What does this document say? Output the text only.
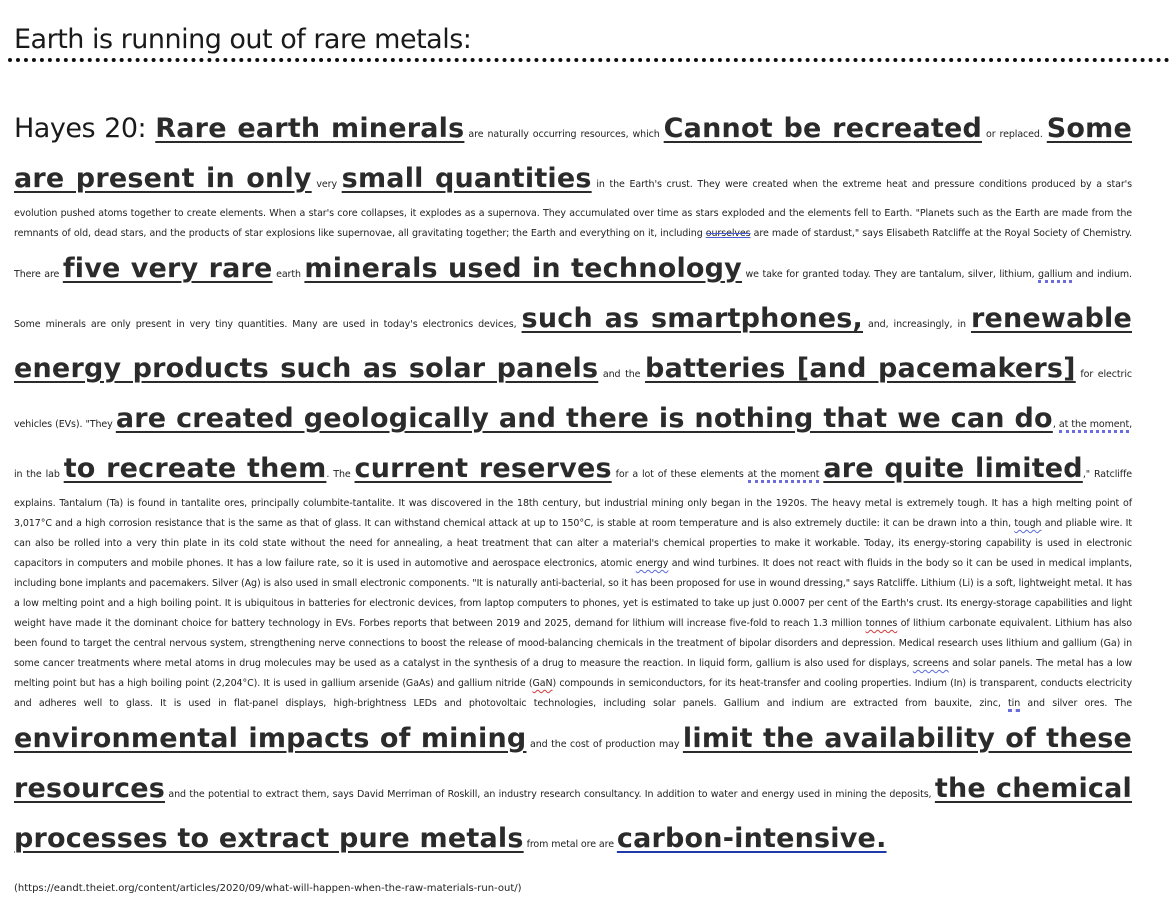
Earth is running out of rare metals:
Hayes 20: Rare earth minerals are naturally occurring resources, which Cannot be recreated or replaced. Some are present in only very small quantities in the Earth's crust. They were created when the extreme heat and pressure conditions produced by a star's evolution pushed atoms together to create elements. When a star's core collapses, it explodes as a supernova. They accumulated over time as stars exploded and the elements fell to Earth. "Planets such as the Earth are made from the remnants of old, dead stars, and the products of star explosions like supernovae, all gravitating together; the Earth and everything on it, including ourselves are made of stardust," says Elisabeth Ratcliffe at the Royal Society of Chemistry. There are five very rare earth minerals used in technology we take for granted today. They are tantalum, silver, lithium, gallium and indium. Some minerals are only present in very tiny quantities. Many are used in today's electronics devices, such as smartphones, and, increasingly, in renewable energy products such as solar panels and the batteries [and pacemakers] for electric vehicles (EVs). "They are created geologically and there is nothing that we can do, at the moment, in the lab to recreate them. The current reserves for a lot of these elements at the moment are quite limited," Ratcliffe explains. Tantalum (Ta) is found in tantalite ores, principally columbite-tantalite. It was discovered in the 18th century, but industrial mining only began in the 1920s. The heavy metal is extremely tough. It has a high melting point of 3,017°C and a high corrosion resistance that is the same as that of glass. It can withstand chemical attack at up to 150°C, is stable at room temperature and is also extremely ductile: it can be drawn into a thin, tough and pliable wire. It can also be rolled into a very thin plate in its cold state without the need for annealing, a heat treatment that can alter a material's chemical properties to make it workable. Today, its energy-storing capability is used in electronic capacitors in computers and mobile phones. It has a low failure rate, so it is used in automotive and aerospace electronics, atomic energy and wind turbines. It does not react with fluids in the body so it can be used in medical implants, including bone implants and pacemakers. Silver (Ag) is also used in small electronic components. "It is naturally anti-bacterial, so it has been proposed for use in wound dressing," says Ratcliffe. Lithium (Li) is a soft, lightweight metal. It has a low melting point and a high boiling point. It is ubiquitous in batteries for electronic devices, from laptop computers to phones, yet is estimated to take up just 0.0007 per cent of the Earth's crust. Its energy-storage capabilities and light weight have made it the dominant choice for battery technology in EVs. Forbes reports that between 2019 and 2025, demand for lithium will increase five-fold to reach 1.3 million tonnes of lithium carbonate equivalent. Lithium has also been found to target the central nervous system, strengthening nerve connections to boost the release of mood-balancing chemicals in the treatment of bipolar disorders and depression. Medical research uses lithium and gallium (Ga) in some cancer treatments where metal atoms in drug molecules may be used as a catalyst in the synthesis of a drug to measure the reaction. In liquid form, gallium is also used for displays, screens and solar panels. The metal has a low melting point but has a high boiling point (2,204°C). It is used in gallium arsenide (GaAs) and gallium nitride (GaN) compounds in semiconductors, for its heat-transfer and cooling properties. Indium (In) is transparent, conducts electricity and adheres well to glass. It is used in flat-panel displays, high-brightness LEDs and photovoltaic technologies, including solar panels. Gallium and indium are extracted from bauxite, zinc, tin and silver ores. The environmental impacts of mining and the cost of production may limit the availability of these resources and the potential to extract them, says David Merriman of Roskill, an industry research consultancy. In addition to water and energy used in mining the deposits, the chemical processes to extract pure metals from metal ore are carbon-intensive.
(https://eandt.theiet.org/content/articles/2020/09/what-will-happen-when-the-raw-materials-run-out/)
